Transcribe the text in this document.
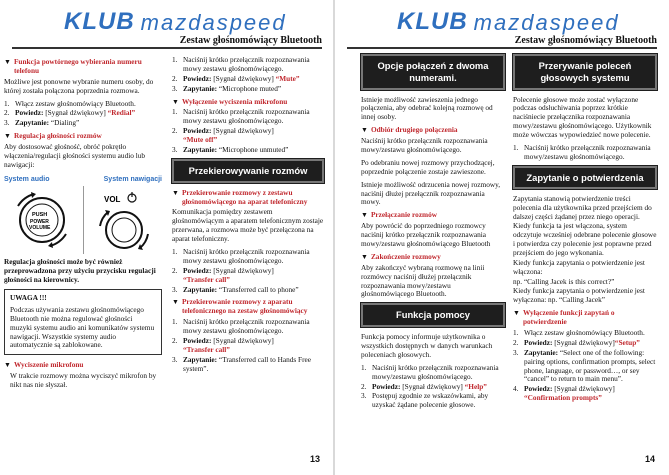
KLUB mazdaspeed
Zestaw głośnomówiący Bluetooth
▼ Funkcja powtórnego wybierania numeru telefonu

Możliwe jest ponowne wybranie numeru osoby, do której została połączona poprzednia rozmowa.

1. Włącz zestaw głośnomówiący Bluetooth.
2. Powiedz: [Sygnał dźwiękowy] “Redial”
3. Zapytanie: “Dialing”
▼ Regulacja głośności rozmów

Aby dostosować głośność, obróć pokrętło włączenia/regulacji głośności systemu audio lub nawigacji:

System audio	System nawigacji
PUSH
POWER
VOLUME
VOL

Regulacja głośności może być również przeprowadzona przy użyciu przycisku regulacji głośności na kierownicy.

UWAGA !!!
Podczas używania zestawu głośnomówiącego Bluetooth nie można regulować głośności muzyki systemu audio ani komunikatów systemu nawigacji. Wszystkie systemy audio automatycznie są zablokowane.
▼ Wyciszenie mikrofonu

W trakcie rozmowy można wyciszyć mikrofon by nikt nas nie słyszał.

1. Naciśnij krótko przełącznik rozpoznawania mowy zestawu głośnomówiącego.
2. Powiedz: [Sygnał dźwiękowy] “Mute”
3. Zapytanie: “Microphone muted”
▼ Wyłączenie wyciszenia mikrofonu
1. Naciśnij krótko przełącznik rozpoznawania mowy zestawu głośnomówiącego.
2. Powiedz: [Sygnał dźwiękowy]
“Mute off”
3. Zapytanie: “Microphone unmuted”
Przekierowywanie rozmów
▼ Przekierowanie rozmowy z zestawu głośnomówiącego na aparat telefoniczny

Komunikacja pomiędzy zestawem głośnomówiącym a aparatem telefonicznym zostaje przerwana, a rozmowa może być przełączona na aparat telefoniczny.

1. Naciśnij krótko przełącznik rozpoznawania mowy zestawu głośnomówiącego.
2. Powiedz: [Sygnał dźwiękowy]
“Transfer call”
3. Zapytanie: “Transferred call to phone”
▼ Przekierowanie rozmowy z aparatu telefonicznego na zestaw głośnomówiący
1. Naciśnij krótko przełącznik rozpoznawania mowy zestawu głośnomówiącego.
2. Powiedz: [Sygnał dźwiękowy]
“Transfer call”
3. Zapytanie: “Transferred call to Hands Free system”.
13
KLUB mazdaspeed
Zestaw głośnomówiący Bluetooth
Opcje połączeń z dwoma numerami.

Istnieje możliwość zawieszenia jednego połączenia, aby odebrać kolejną rozmowę od innej osoby.

▼ Odbiór drugiego połączenia

Naciśnij krótko przełącznik rozpoznawania mowy/zestawu głośnomówiącego.

Po odebraniu nowej rozmowy przychodzącej, poprzednie połączenie zostaje zawieszone.

Istnieje możliwość odrzucenia nowej rozmowy, naciśnij dłużej przełącznik rozpoznawania mowy.

▼ Przełączanie rozmów

Aby powrócić do poprzedniego rozmowcy naciśnij krótko przełącznik rozpoznawania mowy/zestawu głośnomówiącego Bluetooth

▼ Zakończenie rozmowy

Aby zakończyć wybraną rozmowę na linii rozmówcy naciśnij dłużej przełącznik rozpoznawania mowy/zestawu głośnomówiącego Bluetooth.

Funkcja pomocy

Funkcja pomocy informuje użytkownika o wszystkich dostępnych w danych warunkach poleceniach głosowych.

1. Naciśnij krótko przełącznik rozpoznawania mowy/zestawu głośnomówiącego.
2. Powiedz: [Sygnał dźwiękowy] “Help”
3. Postępuj zgodnie ze wskazówkami, aby uzyskać żądane polecenie głosowe.
Przerywanie poleceń głosowych systemu

Polecenie głosowe może zostać wyłączone podczas odsłuchiwania poprzez krótkie naciśniecie przełącznika rozpoznawania mowy/zestawu głośnomówiącego. Użytkownik może wówczas wypowiedzieć nowe polecenie.

1. Naciśnij krótko przełącznik rozpoznawania mowy/zestawu głośnomówiącego.
Zapytanie o potwierdzenia

Zapytania stanowią potwierdzenie treści polecenia dla użytkownika przed przejściem do dalszej części żądanej przez niego operacji. Kiedy funkcja ta jest włączona, system odczytuje wcześniej odebrane polecenie głosowe i potwierdza czy polecenie jest poprawne przed przejściem do jego wykonania.

Kiedy funkcja zapytania o potwierdzenie jest włączona:

np. “Calling Jacek is this correct?”

Kiedy funkcja zapytania o potwierdzenie jest wyłączona: np. “Calling Jacek”

▼ Wyłączenie funkcji zapytań o potwierdzenie
1. Włącz zestaw głośnomówiący Bluetooth.
2. Powiedz: [Sygnał dźwiękowy]“Setup”
3. Zapytanie: “Select one of the following: pairing options, confirmation prompts, select phone, language, or password…, or sey “cancel” to return to main menu”.
4. Powiedz: [Sygnał dźwiękowy]
“Confirmation prompts”
14
